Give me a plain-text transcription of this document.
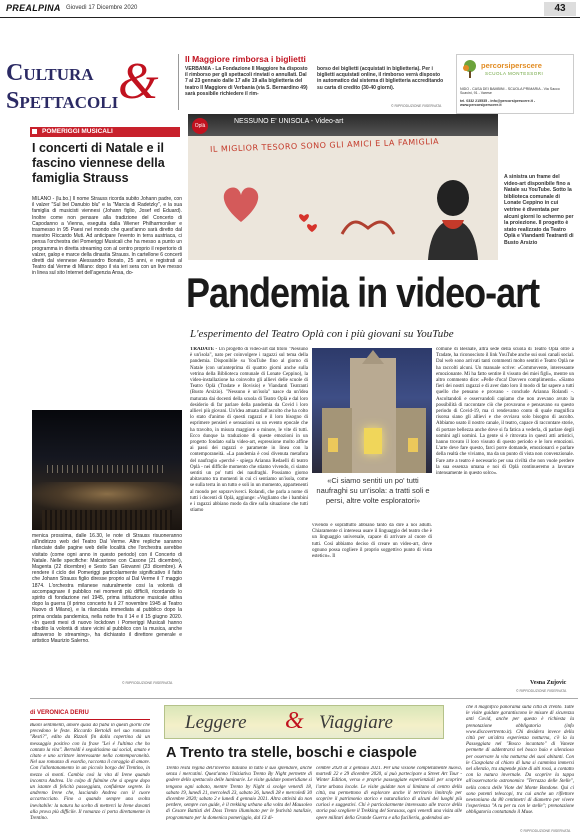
PREALPINA Giovedì 17 Dicembre 2020	43
Cultura &
Spettacoli
Il Maggiore rimborsa i biglietti
VERBANIA - La Fondazione Il Maggiore ha disposto il rimborso per gli spettacoli rinviati o annullati. Dal 7 al 23 gennaio dalle 17 alle 19 alla biglietteria del teatro Il Maggiore di Verbania (via S. Bernardino 49) sarà possibile richiedere il rim-
borso dei biglietti (acquistati in biglietteria). Per i biglietti acquistati online, il rimborso verrà disposto in automatico dal sistema di biglietteria accreditando su carta di credito (30-40 giorni).
© RIPRODUZIONE RISERVATA
percorsiperscere
SCUOLA MONTESSORI
NIDO - CASA DEI BAMBINI - SCUOLA PRIMARIA - Via Sacco Scavini, 91 - Varese
tel. 0332 215535 - info@percorsiperscere.it - www.percorsiperscere.it
POMERIGGI MUSICALI
I concerti di Natale e il fascino viennese della famiglia Strauss
MILANO - (lu.bo.) Il nome Strauss ricorda subito Johann padre, con il valzer "Sul bel Danubio blu" e la "Marcia di Radetzky", e la sua famiglia di musicisti viennesi (Johann figlio, Josef ed Eduard). Inoltre come non pensare alla tradizione del Concerto di Capodanno a Vienna, eseguita dalla Wiener Philharmoniker e trasmesso in 95 Paesi nel mondo che quest'anno sarà diretto dal maestro Riccardo Muti. Ad anticipare l'evento in terra austriaca, ci pensa l'orchestra dei Pomeriggi Musicali che ha messo a punto un programma in diretta streaming con al centro proprio il repertorio di valzer, galop e marce della dinastia Strauss. In cartellone 6 concerti diretti dal viennese Alessandro Bonato, 25 anni, e registrati al Teatro dal Verme di Milano: dopo il via ieri sera con un live messo in linea sul sito Internet dell'agenzia Ansa, do-
menica prossima, dalle 16.30, le note di Strauss risuoneranno all'indirizzo web del Teatro Dal Verme. Altre repliche saranno rilanciate dalle pagine web delle località che l'orchestra avrebbe visitato (come ogni anno in questo periodo) con il Concerto di Natale. Nelle specifiche: Malcantone con Casone (21 dicembre), Magenta (22 dicembre) e Sesto San Giovanni (23 dicembre). A rendere il ciclo dei Pomeriggi particolarmente significativo il fatto che Johann Strauss figlio diresse proprio al Dal Verme il 7 maggio 1874. L'orchestra milanese naturalmente cosi la volontà di accompagnare il pubblico nei momenti più difficili, ricordando lo spirito di fondazione nel 1945, prima istituzione musicale attiva dopo la guerra (il primo concerto fu il 27 novembre 1945 al Teatro Nuovo di Milano), e la rilanciata immediata al pubblico dopo la prima ondata pandemica, nella notte fra il 14 e il 15 giugno 2020. «In questi mesi di nuovo lockdown i Pomeriggi Musicali hanno ribadito la volontà di stare vicini al pubblico con la musica, anche attraverso lo streaming», ha dichiarato il direttore generale e artistico Maurizio Salerno.
© RIPRODUZIONE RISERVATA
NESSUNO E' UNISOLA - Video-art
Oplà
IL MIGLIOR TESORO SONO GLI AMICI E LA FAMIGLIA
A sinistra un frame del video-art disponibile fino a Natale su YouTube. Sotto la biblioteca comunale di Lonate Ceppino in cui vetrine è diventata per alcuni giorni lo schermo per la proiezione. Il progetto è stato realizzato da Teatro Oplà e Viandanti Teatranti di Busto Arsizio
Pandemia in video-art
L'esperimento del Teatro Oplà con i più giovani su YouTube
TRADATE - Un progetto di video-art dal titolo "Nessuno è un'isola", nato per coinvolgere i ragazzi sul tema della pandemia. Disponibile su YouTube fino al giorno di Natale (con un'anteprima di quattro giorni anche sulla vetrina della Biblioteca comunale di Lonate Ceppino), la video-installazione ha coinvolto gli allievi delle scuole di Teatro Oplà (Tradate e Bovisio) e Viandanti Teatranti (Busto Arsizio). "Nessuno è un'isola" nasce da un'idea maturata dai docenti della scuola di Teatro Oplà e dal loro desiderio di far parlare della pandemia da Covid i loro allievi più giovani. Un'idea attuata dall'ascolto che ha colto lo stato d'animo di questi ragazzi e il loro bisogno di esprimere pensieri e sensazioni su un evento epocale che ha travolto, in misura maggiore o minore, le vite di tutti. Ecco dunque la traduzione di queste emozioni in un progetto fondato sulla video-art, espressione molto affine ai passi dei ragazzi e paramente in linea con la contemporaneità. «La pandemia è così divenuta metafora del naufragio «perché - spiega Arianna Redaelli di teatro Oplà - nei difficile momento che stiamo vivendo, ci siamo sentiti un po' tutti dei naufraghi. Possiamo giorno abitavamo tra momenti in cui ci sentiamo un'isola, come se sulla terra in un tutto e soli in un momento, appartenenti al mondo per sopravviverci. Rolandi, che parla a nome di tutti i docenti di Oplà, aggiunge: «Vogliamo che i bambini e i ragazzi abbiano modo da dire sulla situazione che tutti stiamo
«Ci siamo sentiti un po' tutti naufraghi su un'isola: a tratti soli e persi, altre volte esploratori»
vivendo e soprattutto abbiano tanto da dire a noi adulti. Chiaramente ci interessa usare il linguaggio del teatro che è un linguaggio universale, capace di arrivare al cuore di tutti. Così abbiamo deciso di creare un video-art, dove ognuno possa cogliere il proprio soggettivo punto di vista estetico». Il
comune di Besnate, altra sede della scuola di Teatro Oplà oltre a Tradate, ha riconosciuto il link YouTube anche sui suoi canali social. Dal web sono arrivati tanti commenti molto sentiti e Teatro Oplà ne ha raccolti alcuni. Un manuale scrive: «Commovente, interessante emozionante. Mi ha fatto sentire il vissuto dei miei figli», mentre un altro commento dice: «Pelle d'oca! Davvero complimenti». «Siamo fieri dei nostri ragazzi e di aver dato loro il modo di far sapere a tutti quello che pensano e provano - conclude Arianna Rolandi -. Ascoltandoli e osservandoli capiamo che non avevano avuto la possibilità di raccontare ciò che provavano e pensavano su questo periodo di Covid-19, ma ci rendevamo conto di quale magnifica risorsa siano gli allievi e che ovviava solo bisogno di ascolto. Abbiamo usato il nostro canale, il teatro, capace di raccontare storie, di portare bellezza anche dove si fa fatica a vederla, di parlare degli uomini agli uomini. La gente si è ritrovata in questi atti artistici, hanno trovato il loro vissuto di questo periodo e le loro emozioni. L'arte deve fare questo, farci porre domande, emozionarci e parlare della realtà che viviamo, ma da un punto di vista non convenzionale. Fare arte a teatro è necessario per una civiltà che non vuole perdere la sua essenza umana e noi di Oplà continueremo a lavorare intensamente in questo solco».
Vesna Zujovic
© RIPRODUZIONE RISERVATA
Leggere & Viaggiare
di VERONICA DERIU
Buoni sentimenti, amore quasi da fiaba in questi giorni che precedono le feste. Riccardo Bertoldi nel suo romanzo "Resti?", edito da Rizzoli fin dalla copertina dà un messaggio positivo con la frase "Lei é l'ultima che ho cantato la vita". Bertoldi è seguitissimo sui social, amato e citato e uno scrittore interessante nella contemporaneità. Nel suo romanzo di esordio, racconta il coraggio di amare. Con l'allontanamento in un piccolo borgo del Trentino, in mezzo ai monti. Cambia così la vita di Irene quando incontra Andrea. Un colpo di fulmine che si spegne dopo un istante di felicità passeggiata, confidenze segrete. Io andremo Irene che, lasciando Andrea con il cuore accartocciato. Fino a quando sempre una svolta inevitabile: la natura ha scelto di metterci la Irene davanti alla prova più difficile. Il romanzo ci porta direttamente in Trentino.
A Trento tra stelle, boschi e ciaspole
Trento resta regina dell'inverno italiano in tutto il suo splendore, anche senza i mercatini. Quest'anno l'iniziativa Trento By Night permette di godere dello spettacolo delle luminarie. Le visite guidate pomeridiane si tengono ogni sabato, mentre Trento by Night si svolge venerdì 18, sabato 19, lunedì 21, mercoledì 23, sabato 26, lunedì 28 e mercoledì 30 dicembre 2020; sabato 2 e lunedì 4 gennaio 2021. Altra attività da non perdere, sempre con guide, è il trekking urbano alla volta del Mausoleo di Cesare Battisti del Doss Trento illuminato per le festività natalizie, programmato per la domenica pomeriggio, dal 13 di-
cembre 2020 al 3 gennaio 2021. Per una visione completamente nuova, martedì 22 e 29 dicembre 2020, si può partecipare a Street Art Tour - Winter Edition, verso e proprie passeggiate esperienziali per scoprire l'arte urbana locale. Le visite guidate non si limitano al centro della città, ma permettono di esplorare anche il territorio limitrofo per scoprire il patrimonio storico e naturalistico di alcuni dei luoghi più curiosi e suggestivi. Chi è particolarmente interessato alle tracce della storia può scegliere il Trekking del Sorasass, ogni venerdì una visita alle opere militari della Grande Guerra e alla fucilieria, godendosi an-
che il magnifico panorama sulla città di Trento. Tutte le visite guidate garantiscono le misure di sicurezza anti Covid, anche per questo è richiesta la prenotazione obbligatoria (info www.discovertrento.it). Chi desidera invece della città per un'altra esperienza notturna, c'è la la Passeggiata nel "Bosco incantato" di Vaneze permette di addentrarsi nel bosco buio e silenzioso per osservare la vita notturna dei suoi abitanti. Con le Ciaspolata al chiaro di luna si cammina immersi nel silenzio, tra stupende piste di alti rossi, a contatto con la natura invernale. Da scoprire la tappa all'osservatorio astronomico "Terrazza delle Stelle", nella conca delle Viote del Monte Bondone. Qui ci sono potenti telescopi, tra cui anche un riflettore newtoniano da 80 centimetri di diametro per vivere l'esperienza "A tu per tu con le stelle"; prenotazione obbligatoria contattando il Muse.
© RIPRODUZIONE RISERVATA
